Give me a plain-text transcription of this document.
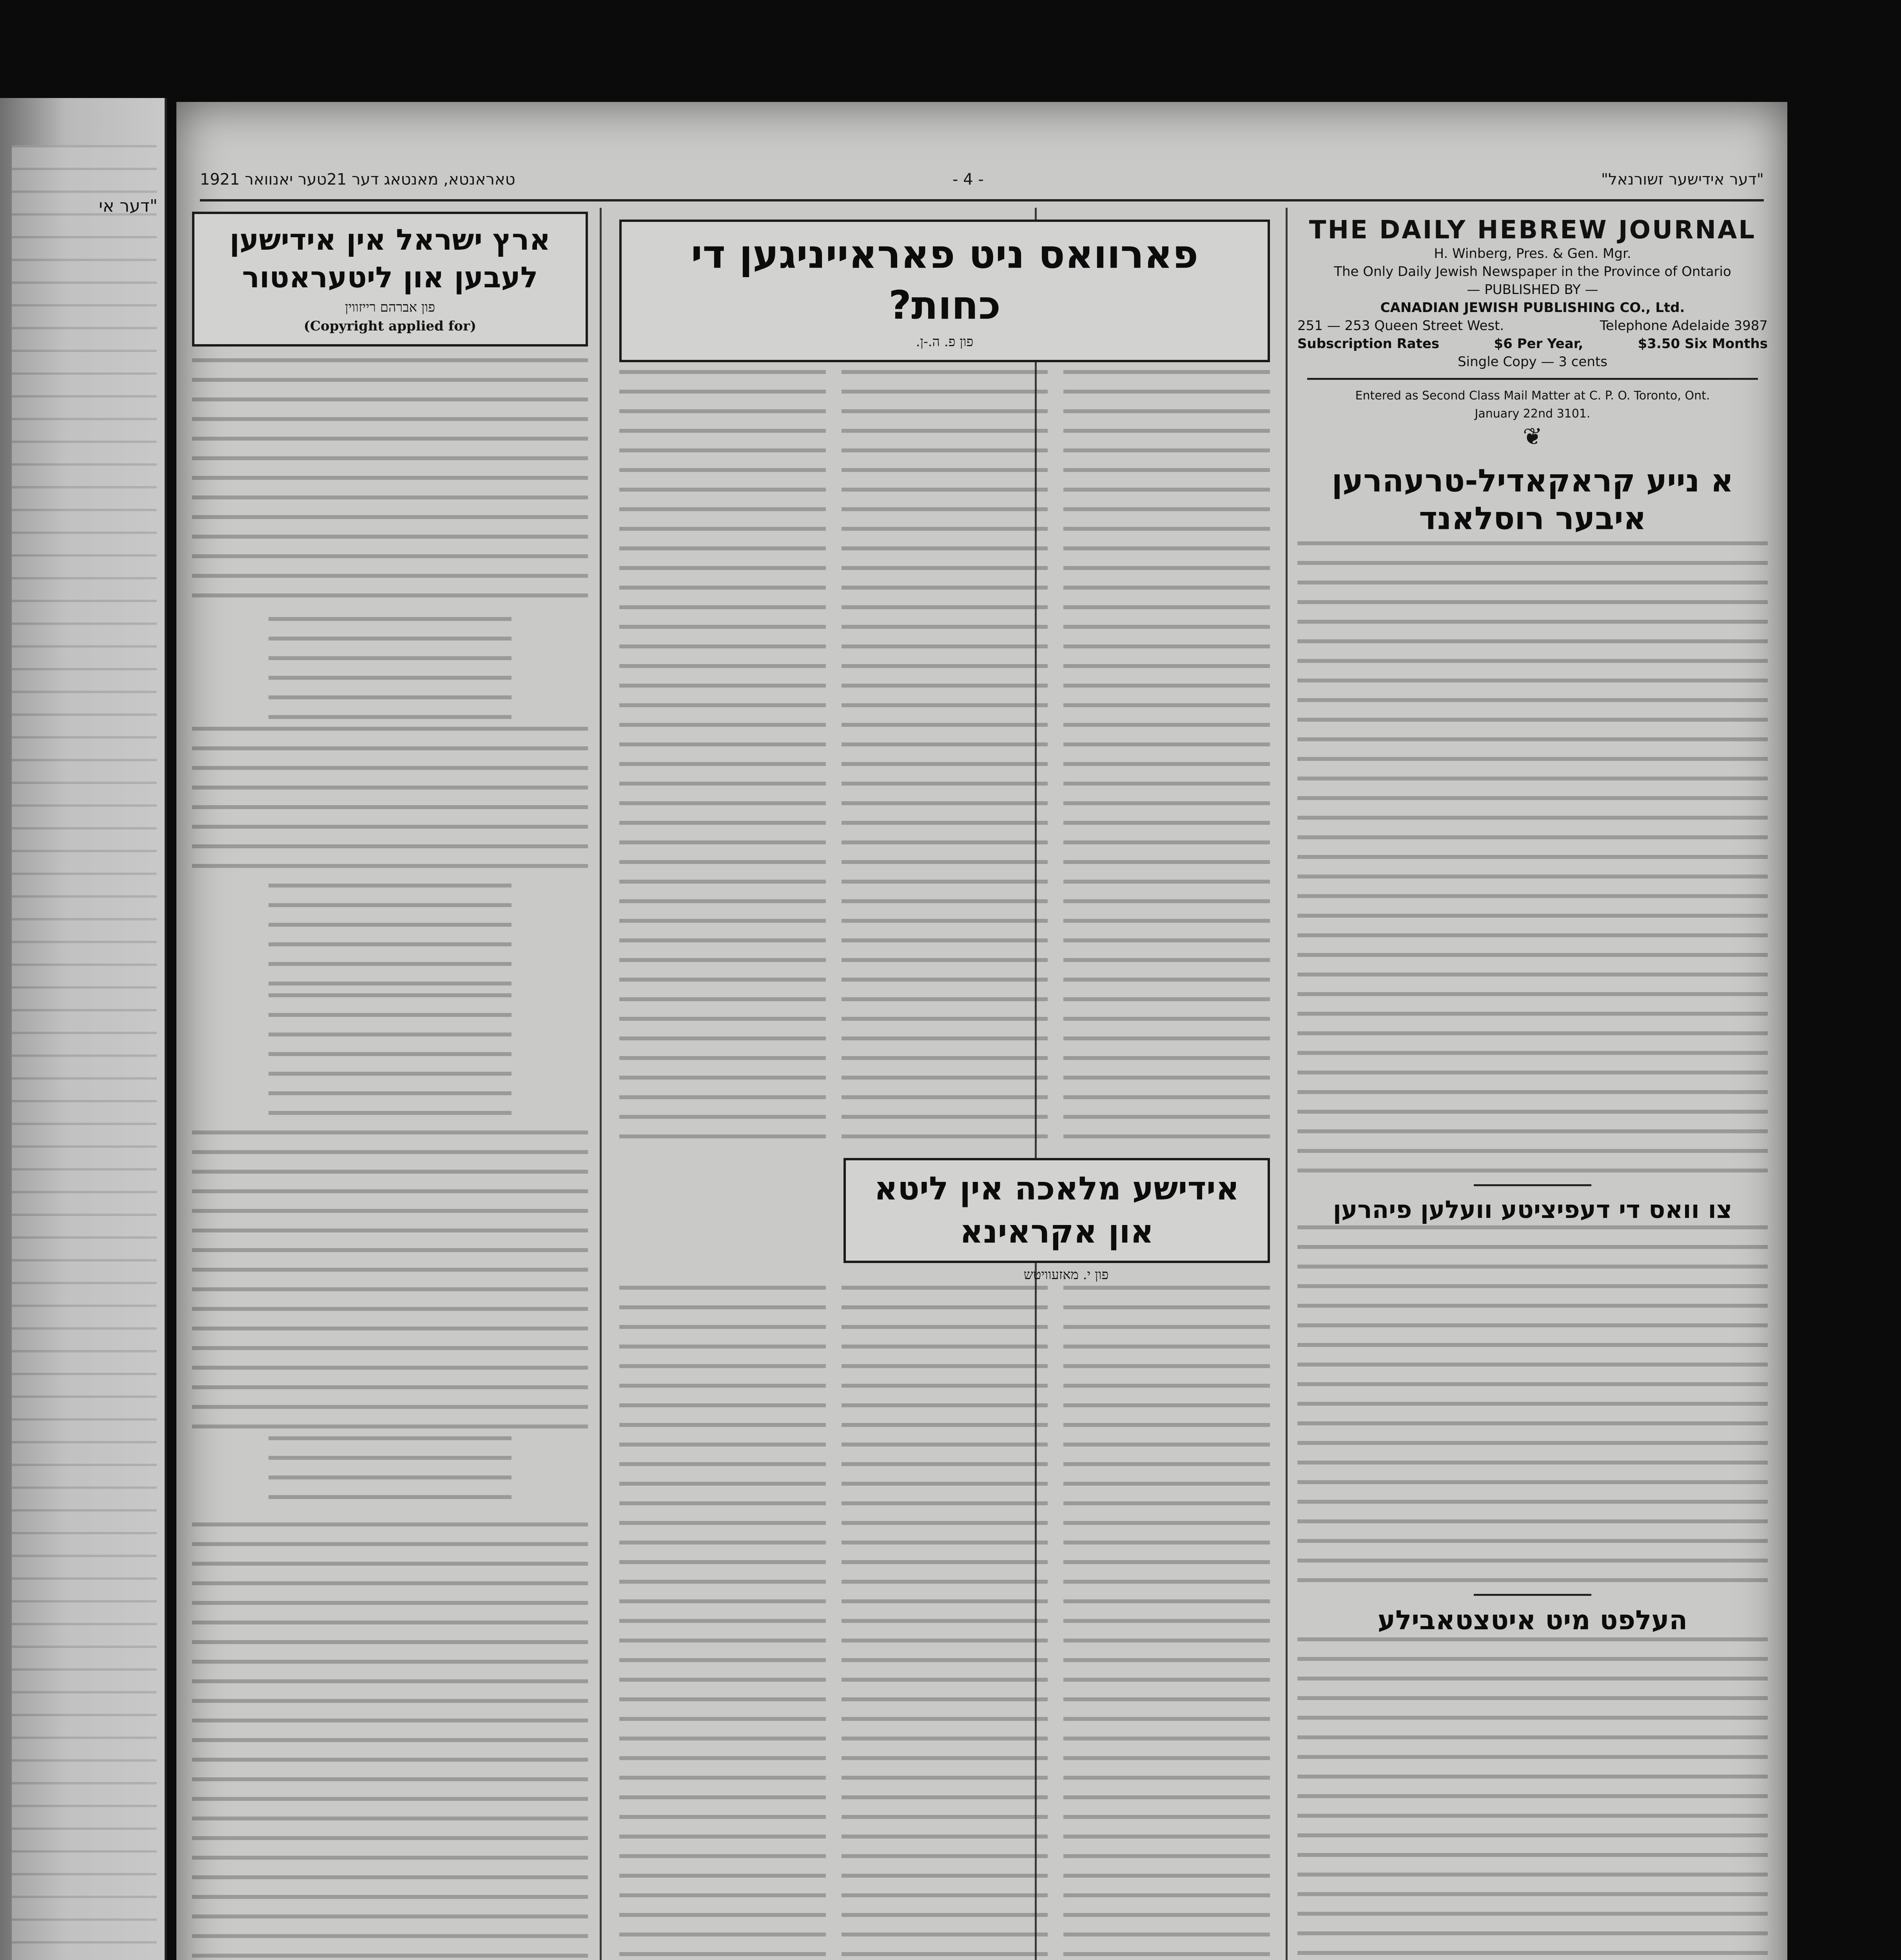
"דער אי
טאראנטא, מאנטאג דער 21טער יאנוואר 1921	- 4 -	"דער אידישער זשורנאל"
THE DAILY HEBREW JOURNAL
H. Winberg, Pres. & Gen. Mgr.
The Only Daily Jewish Newspaper in the Province of Ontario
— PUBLISHED BY —
CANADIAN JEWISH PUBLISHING CO., Ltd.
251 — 253 Queen Street West.	Telephone Adelaide 3987
Subscription Rates	$6 Per Year,	$3.50 Six Months
Single Copy — 3 cents
Entered as Second Class Mail Matter at C. P. O. Toronto, Ont.
January 22nd 3101.
❦
א נייע קראקאדיל-טרעהרען איבער רוסלאנד
צו וואס די דעפיציטע וועלען פיהרען
העלפט מיט איטצטאבילע
פארוואס ניט פאראייניגען די כחות?
פון פ. ה.-ן.
אידישע מלאכה אין ליטא און אקראינא
פון י. מאזעוויטש
ארץ ישראל אין אידישען
לעבען און ליטעראטור
פון אברהם רייזווין
(Copyright applied for)
